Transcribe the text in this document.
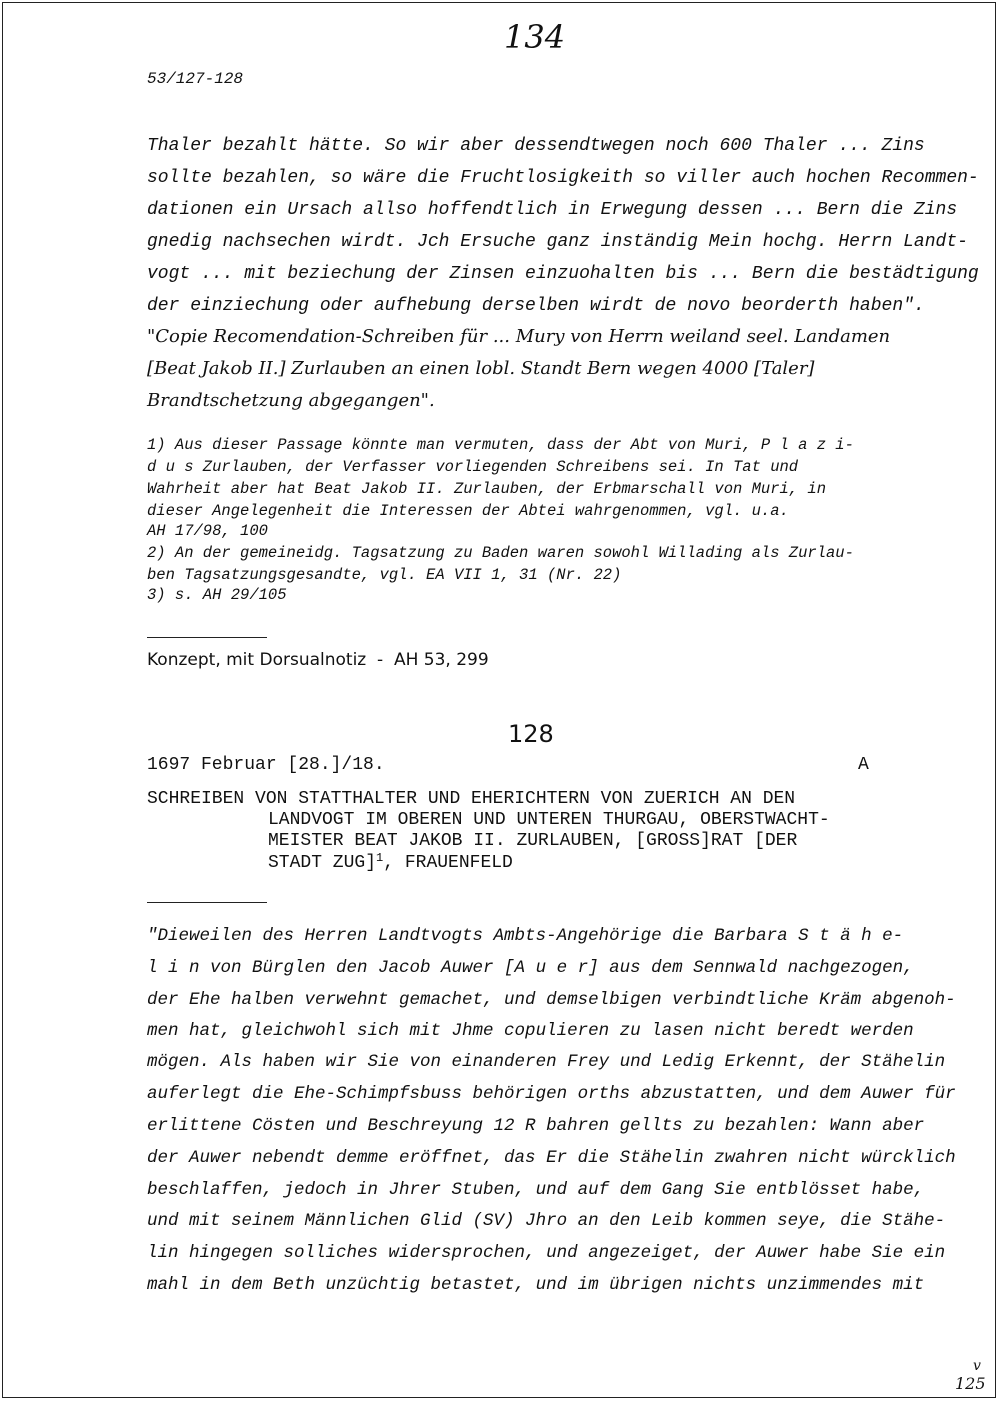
134
53/127-128
Thaler bezahlt hätte. So wir aber dessendtwegen noch 600 Thaler ... Zins
sollte bezahlen, so wäre die Fruchtlosigkeith so viller auch hochen Recommen-
dationen ein Ursach allso hoffendtlich in Erwegung dessen ... Bern die Zins
gnedig nachsechen wirdt. Jch Ersuche ganz inständig Mein hochg. Herrn Landt-
vogt ... mit beziechung der Zinsen einzuohalten bis ... Bern die bestädtigung
der einziechung oder aufhebung derselben wirdt de novo beorderth haben".
"Copie Recomendation-Schreiben für ... Mury von Herrn weiland seel. Landamen
[Beat Jakob II.] Zurlauben an einen lobl. Standt Bern wegen 4000 [Taler]
Brandtschetzung abgegangen".
1) Aus dieser Passage könnte man vermuten, dass der Abt von Muri, P l a z i-
d u s Zurlauben, der Verfasser vorliegenden Schreibens sei. In Tat und
Wahrheit aber hat Beat Jakob II. Zurlauben, der Erbmarschall von Muri, in
dieser Angelegenheit die Interessen der Abtei wahrgenommen, vgl. u.a.
AH 17/98, 100
2) An der gemeineidg. Tagsatzung zu Baden waren sowohl Willading als Zurlau-
ben Tagsatzungsgesandte, vgl. EA VII 1, 31 (Nr. 22)
3) s. AH 29/105
Konzept, mit Dorsualnotiz  -  AH 53, 299
128
1697 Februar [28.]/18.	A
SCHREIBEN VON STATTHALTER UND EHERICHTERN VON ZUERICH AN DEN
LANDVOGT IM OBEREN UND UNTEREN THURGAU, OBERSTWACHT-
MEISTER BEAT JAKOB II. ZURLAUBEN, [GROSS]RAT [DER
STADT ZUG]$^1$, FRAUENFELD
"Dieweilen des Herren Landtvogts Ambts-Angehörige die Barbara S t ä h e-
l i n von Bürglen den Jacob Auwer [A u e r] aus dem Sennwald nachgezogen,
der Ehe halben verwehnt gemachet, und demselbigen verbindtliche Kräm abgenoh-
men hat, gleichwohl sich mit Jhme copulieren zu lasen nicht beredt werden
mögen. Als haben wir Sie von einanderen Frey und Ledig Erkennt, der Stähelin
auferlegt die Ehe-Schimpfsbuss behörigen orths abzustatten, und dem Auwer für
erlittene Cösten und Beschreyung 12 R bahren gellts zu bezahlen: Wann aber
der Auwer nebendt demme eröffnet, das Er die Stähelin zwahren nicht würcklich
beschlaffen, jedoch in Jhrer Stuben, und auf dem Gang Sie entblösset habe,
und mit seinem Männlichen Glid (SV) Jhro an den Leib kommen seye, die Stähe-
lin hingegen solliches widersprochen, und angezeiget, der Auwer habe Sie ein
mahl in dem Beth unzüchtig betastet, und im übrigen nichts unzimmendes mit
v
125
